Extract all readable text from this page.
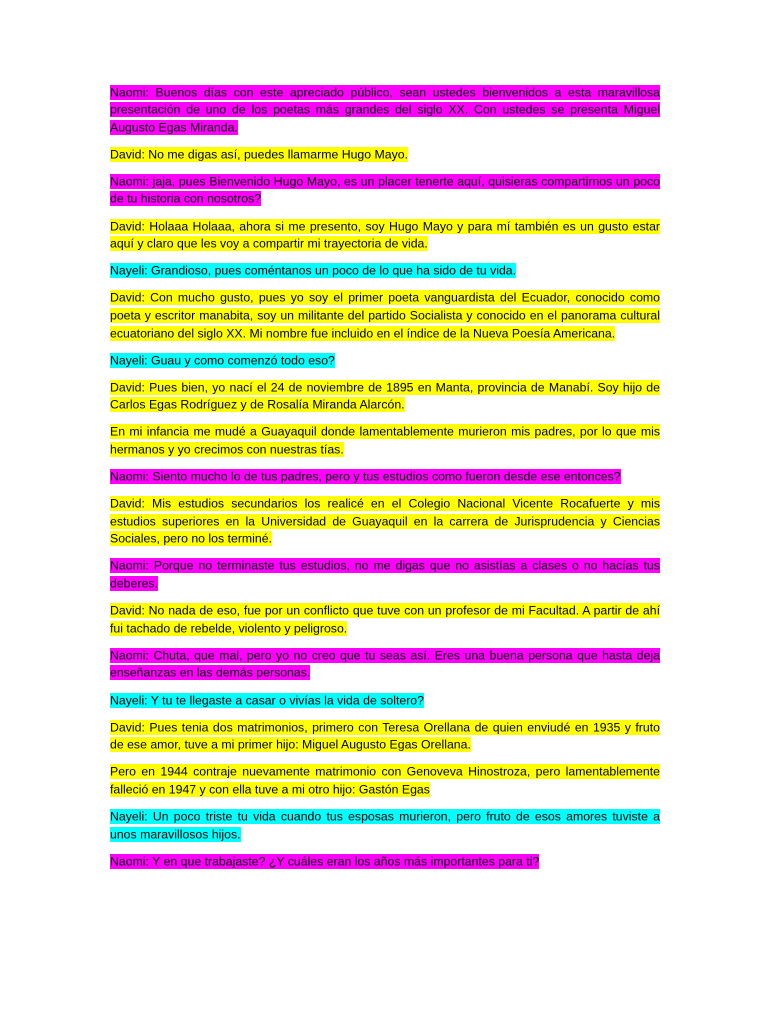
Naomi: Buenos días con este apreciado público, sean ustedes bienvenidos a esta maravillosa presentación de uno de los poetas más grandes del siglo XX. Con ustedes se presenta Miguel Augusto Egas Miranda.

David: No me digas así, puedes llamarme Hugo Mayo.

Naomi: jaja, pues Bienvenido Hugo Mayo, es un placer tenerte aquí, quisieras compartirnos un poco de tu historia con nosotros?

David: Holaaa Holaaa, ahora si me presento, soy Hugo Mayo y para mí también es un gusto estar aquí y claro que les voy a compartir mi trayectoria de vida.

Nayeli: Grandioso, pues coméntanos un poco de lo que ha sido de tu vida.

David: Con mucho gusto, pues yo soy el primer poeta vanguardista del Ecuador, conocido como poeta y escritor manabita, soy un militante del partido Socialista y conocido en el panorama cultural ecuatoriano del siglo XX. Mi nombre fue incluido en el índice de la Nueva Poesía Americana.

Nayeli: Guau y como comenzó todo eso?

David: Pues bien, yo nací el 24 de noviembre de 1895 en Manta, provincia de Manabí. Soy hijo de Carlos Egas Rodríguez y de Rosalía Miranda Alarcón.

En mi infancia me mudé a Guayaquil donde lamentablemente murieron mis padres, por lo que mis hermanos y yo crecimos con nuestras tías.

Naomi: Siento mucho lo de tus padres, pero y tus estudios como fueron desde ese entonces?

David: Mis estudios secundarios los realicé en el Colegio Nacional Vicente Rocafuerte y mis estudios superiores en la Universidad de Guayaquil en la carrera de Jurisprudencia y Ciencias Sociales, pero no los terminé.

Naomi: Porque no terminaste tus estudios, no me digas que no asistías a clases o no hacías tus deberes.

David: No nada de eso, fue por un conflicto que tuve con un profesor de mi Facultad. A partir de ahí fui tachado de rebelde, violento y peligroso.

Naomi: Chuta, que mal, pero yo no creo que tu seas así. Eres una buena persona que hasta deja enseñanzas en las demás personas.

Nayeli: Y tu te llegaste a casar o vivías la vida de soltero?

David: Pues tenia dos matrimonios, primero con Teresa Orellana de quien enviudé en 1935 y fruto de ese amor, tuve a mi primer hijo: Miguel Augusto Egas Orellana.

Pero en 1944 contraje nuevamente matrimonio con Genoveva Hinostroza, pero lamentablemente falleció en 1947 y con ella tuve a mi otro hijo: Gastón Egas

Nayeli: Un poco triste tu vida cuando tus esposas murieron, pero fruto de esos amores tuviste a unos maravillosos hijos.

Naomi: Y en que trabajaste? ¿Y cuáles eran los años más importantes para ti?
